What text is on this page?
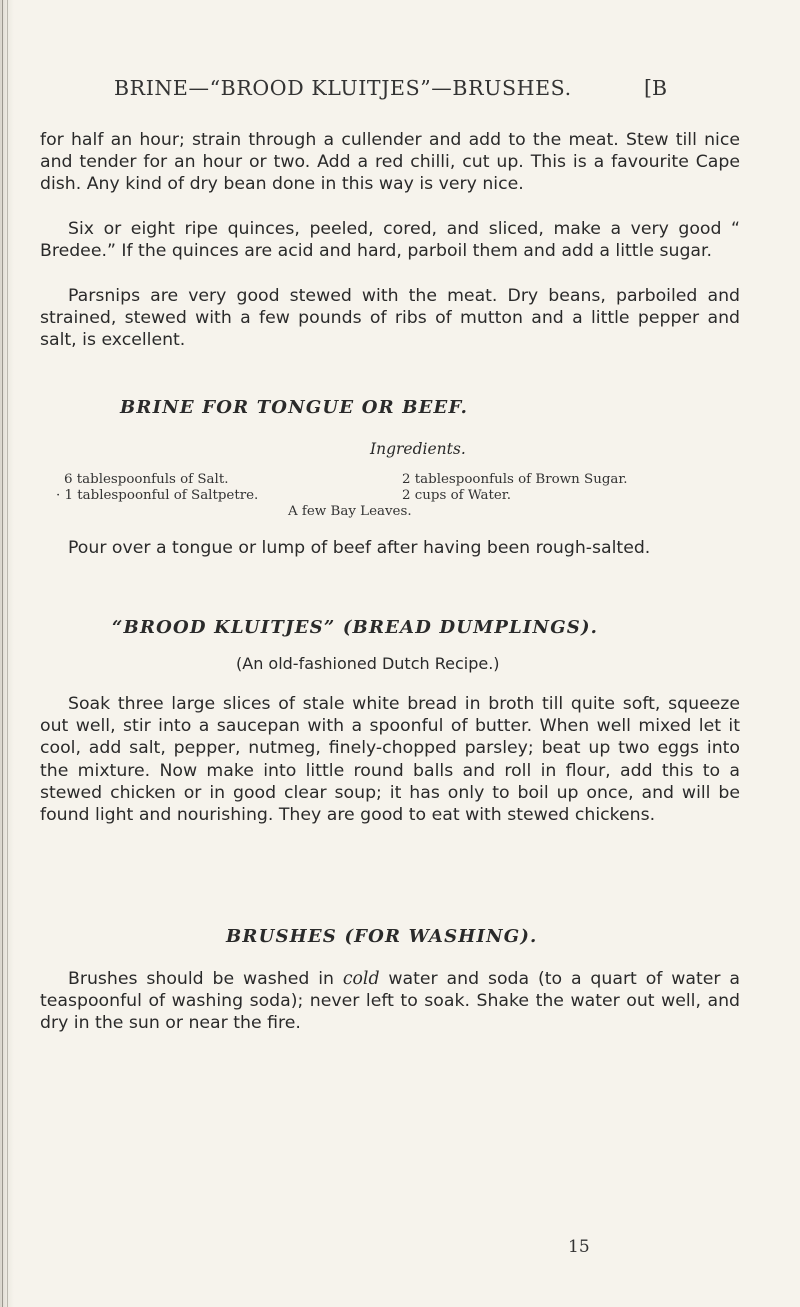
BRINE—“BROOD KLUITJES”—BRUSHES.	[B

for half an hour; strain through a cullender and add to the meat. Stew till nice and tender for an hour or two. Add a red chilli, cut up. This is a favourite Cape dish. Any kind of dry bean done in this way is very nice.

Six or eight ripe quinces, peeled, cored, and sliced, make a very good “ Bredee.” If the quinces are acid and hard, parboil them and add a little sugar.

Parsnips are very good stewed with the meat. Dry beans, parboiled and strained, stewed with a few pounds of ribs of mutton and a little pepper and salt, is excellent.

BRINE FOR TONGUE OR BEEF.
Ingredients.
6 tablespoonfuls of Salt.
· 1 tablespoonful of Saltpetre.
2 tablespoonfuls of Brown Sugar.
2 cups of Water.
A few Bay Leaves.

Pour over a tongue or lump of beef after having been rough-salted.

“BROOD KLUITJES” (BREAD DUMPLINGS).
(An old-fashioned Dutch Recipe.)

Soak three large slices of stale white bread in broth till quite soft, squeeze out well, stir into a saucepan with a spoonful of butter. When well mixed let it cool, add salt, pepper, nutmeg, finely-chopped parsley; beat up two eggs into the mixture. Now make into little round balls and roll in flour, add this to a stewed chicken or in good clear soup; it has only to boil up once, and will be found light and nourishing. They are good to eat with stewed chickens.

BRUSHES (FOR WASHING).

Brushes should be washed in cold water and soda (to a quart of water a teaspoonful of washing soda); never left to soak. Shake the water out well, and dry in the sun or near the fire.

15
